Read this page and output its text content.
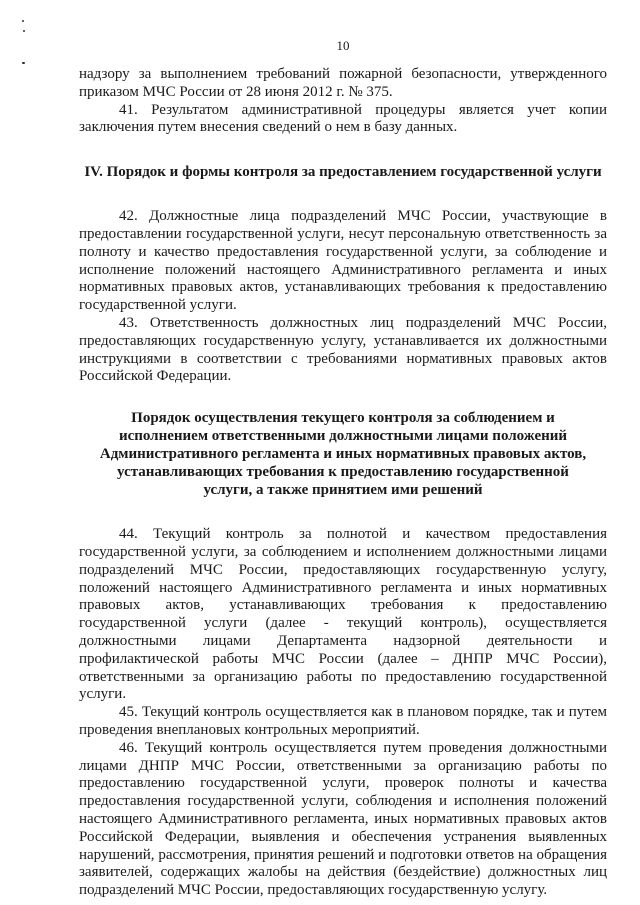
10

надзору за выполнением требований пожарной безопасности, утвержденного приказом МЧС России от 28 июня 2012 г. № 375.

41. Результатом административной процедуры является учет копии заключения путем внесения сведений о нем в базу данных.

IV. Порядок и формы контроля за предоставлением государственной услуги

42. Должностные лица подразделений МЧС России, участвующие в предоставлении государственной услуги, несут персональную ответственность за полноту и качество предоставления государственной услуги, за соблюдение и исполнение положений настоящего Административного регламента и иных нормативных правовых актов, устанавливающих требования к предоставлению государственной услуги.

43. Ответственность должностных лиц подразделений МЧС России, предоставляющих государственную услугу, устанавливается их должностными инструкциями в соответствии с требованиями нормативных правовых актов Российской Федерации.

Порядок осуществления текущего контроля за соблюдением и исполнением ответственными должностными лицами положений Административного регламента и иных нормативных правовых актов, устанавливающих требования к предоставлению государственной услуги, а также принятием ими решений

44. Текущий контроль за полнотой и качеством предоставления государственной услуги, за соблюдением и исполнением должностными лицами подразделений МЧС России, предоставляющих государственную услугу, положений настоящего Административного регламента и иных нормативных правовых актов, устанавливающих требования к предоставлению государственной услуги (далее - текущий контроль), осуществляется должностными лицами Департамента надзорной деятельности и профилактической работы МЧС России (далее – ДНПР МЧС России), ответственными за организацию работы по предоставлению государственной услуги.

45. Текущий контроль осуществляется как в плановом порядке, так и путем проведения внеплановых контрольных мероприятий.

46. Текущий контроль осуществляется путем проведения должностными лицами ДНПР МЧС России, ответственными за организацию работы по предоставлению государственной услуги, проверок полноты и качества предоставления государственной услуги, соблюдения и исполнения положений настоящего Административного регламента, иных нормативных правовых актов Российской Федерации, выявления и обеспечения устранения выявленных нарушений, рассмотрения, принятия решений и подготовки ответов на обращения заявителей, содержащих жалобы на действия (бездействие) должностных лиц подразделений МЧС России, предоставляющих государственную услугу.
